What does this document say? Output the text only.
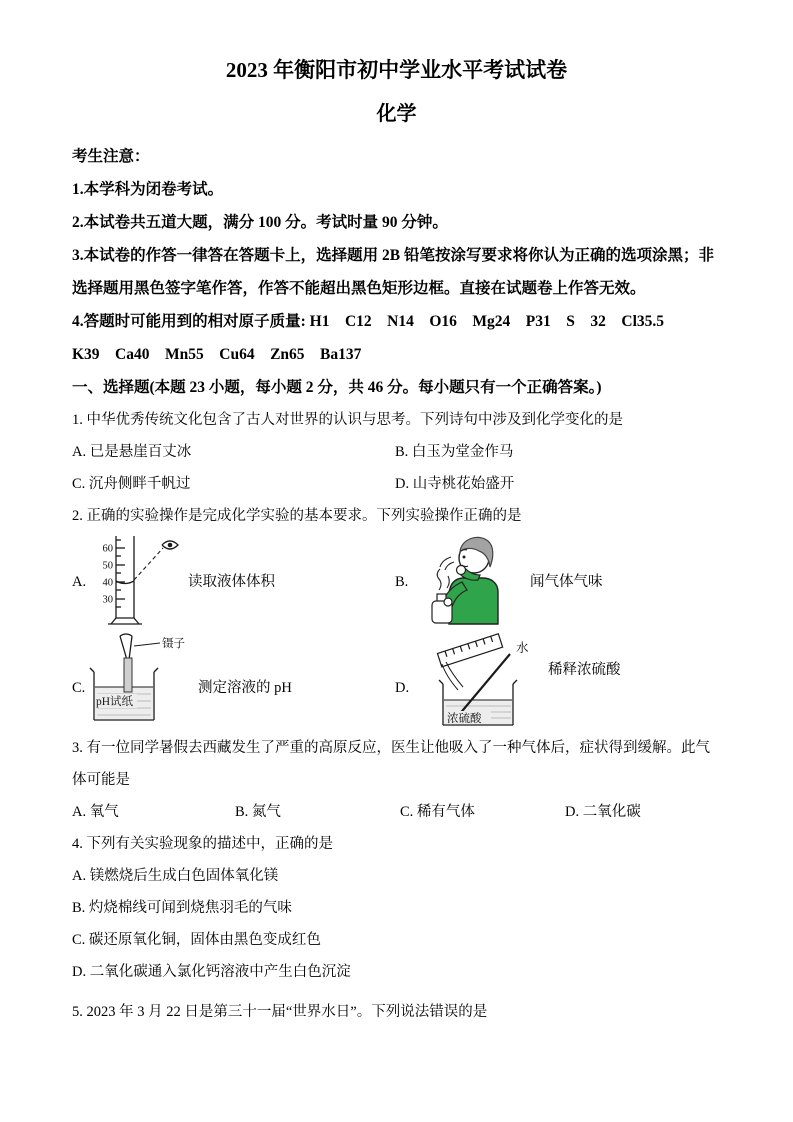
2023 年衡阳市初中学业水平考试试卷

化学

考生注意：

1.本学科为闭卷考试。

2.本试卷共五道大题，满分 100 分。考试时量 90 分钟。

3.本试卷的作答一律答在答题卡上，选择题用 2B 铅笔按涂写要求将你认为正确的选项涂黑；非选择题用黑色签字笔作答，作答不能超出黑色矩形边框。直接在试题卷上作答无效。

4.答题时可能用到的相对原子质量: H1    C12    N14    O16    Mg24    P31    S    32    Cl35.5

K39    Ca40    Mn55    Cu64    Zn65    Ba137

一、选择题(本题 23 小题，每小题 2 分，共 46 分。每小题只有一个正确答案。)

1. 中华优秀传统文化包含了古人对世界的认识与思考。下列诗句中涉及到化学变化的是

A. 已是悬崖百丈冰	B. 白玉为堂金作马
C. 沉舟侧畔千帆过	D. 山寺桃花始盛开

2. 正确的实验操作是完成化学实验的基本要求。下列实验操作正确的是

A.
60
50
40
30
读取液体体积	B.	闻气体气味
C.
镊子
pH试纸
测定溶液的 pH	D.
浓硫酸
水
稀释浓硫酸

3. 有一位同学暑假去西藏发生了严重的高原反应，医生让他吸入了一种气体后，症状得到缓解。此气体可能是

A. 氧气	B. 氮气	C. 稀有气体	D. 二氧化碳

4. 下列有关实验现象的描述中，正确的是

A. 镁燃烧后生成白色固体氧化镁

B. 灼烧棉线可闻到烧焦羽毛的气味

C. 碳还原氧化铜，固体由黑色变成红色

D. 二氧化碳通入氯化钙溶液中产生白色沉淀

5. 2023 年 3 月 22 日是第三十一届“世界水日”。下列说法错误的是
